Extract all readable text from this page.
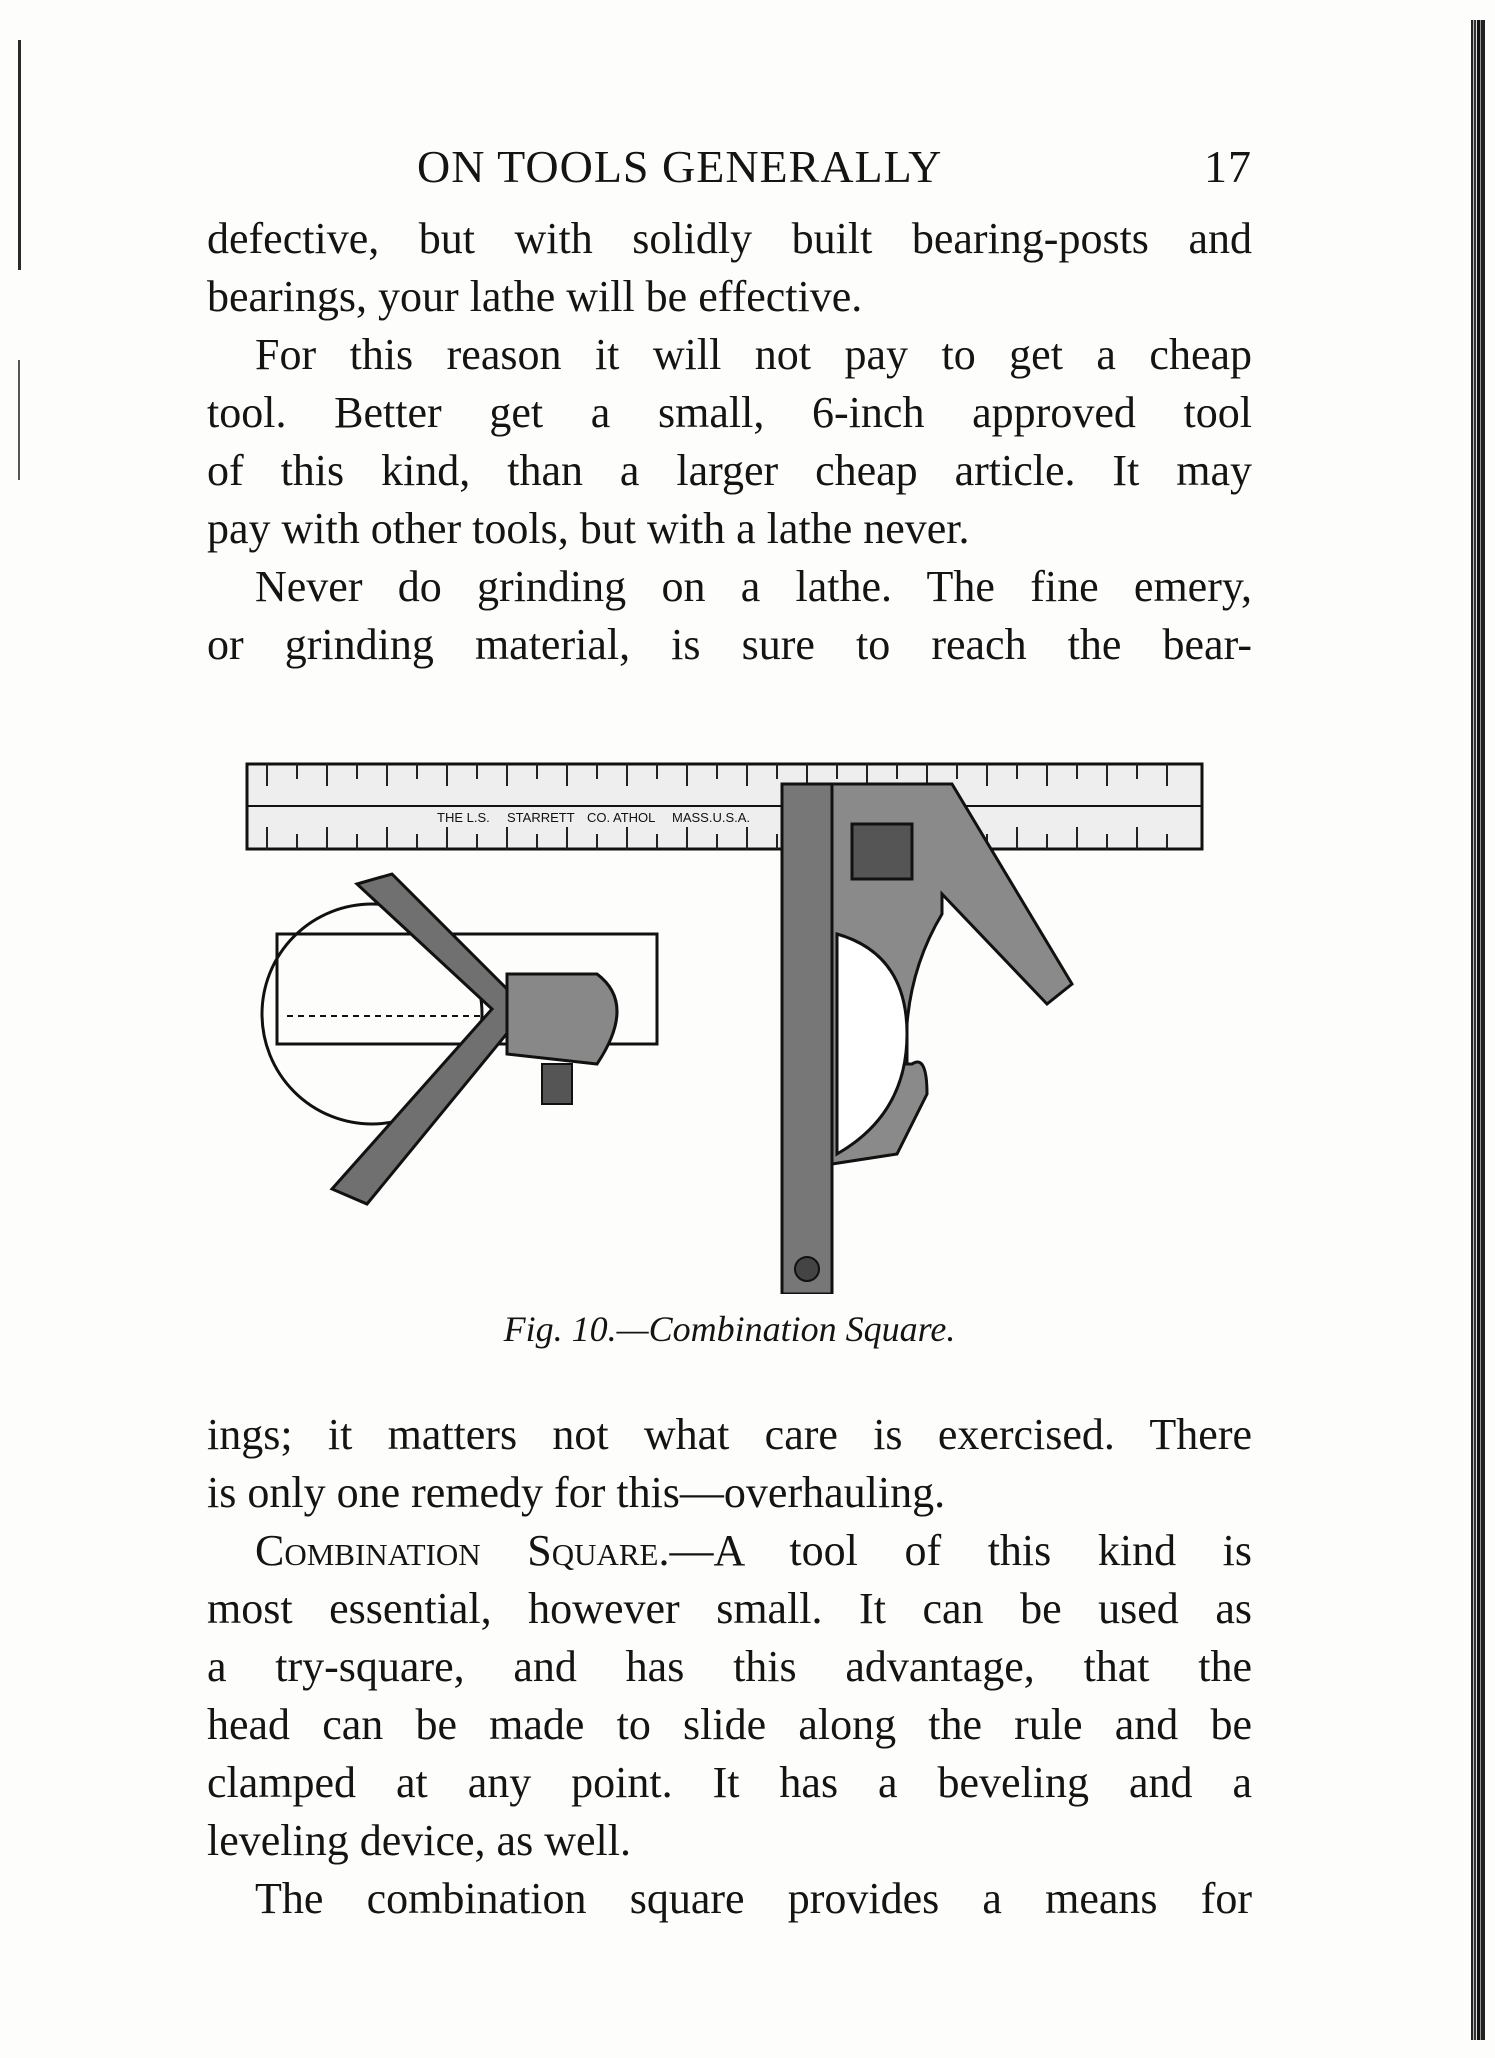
ON TOOLS GENERALLY	17

defective, but with solidly built bearing-posts and

bearings, your lathe will be effective.

For this reason it will not pay to get a cheap

tool. Better get a small, 6-inch approved tool

of this kind, than a larger cheap article. It may

pay with other tools, but with a lathe never.

Never do grinding on a lathe. The fine emery,

or grinding material, is sure to reach the bear-

THE L.S. STARRETT CO. ATHOL MASS.U.S.A.
Fig. 10.—Combination Square.

ings; it matters not what care is exercised. There

is only one remedy for this—overhauling.

Combination Square.—A tool of this kind is

most essential, however small. It can be used as

a try-square, and has this advantage, that the

head can be made to slide along the rule and be

clamped at any point. It has a beveling and a

leveling device, as well.

The combination square provides a means for
